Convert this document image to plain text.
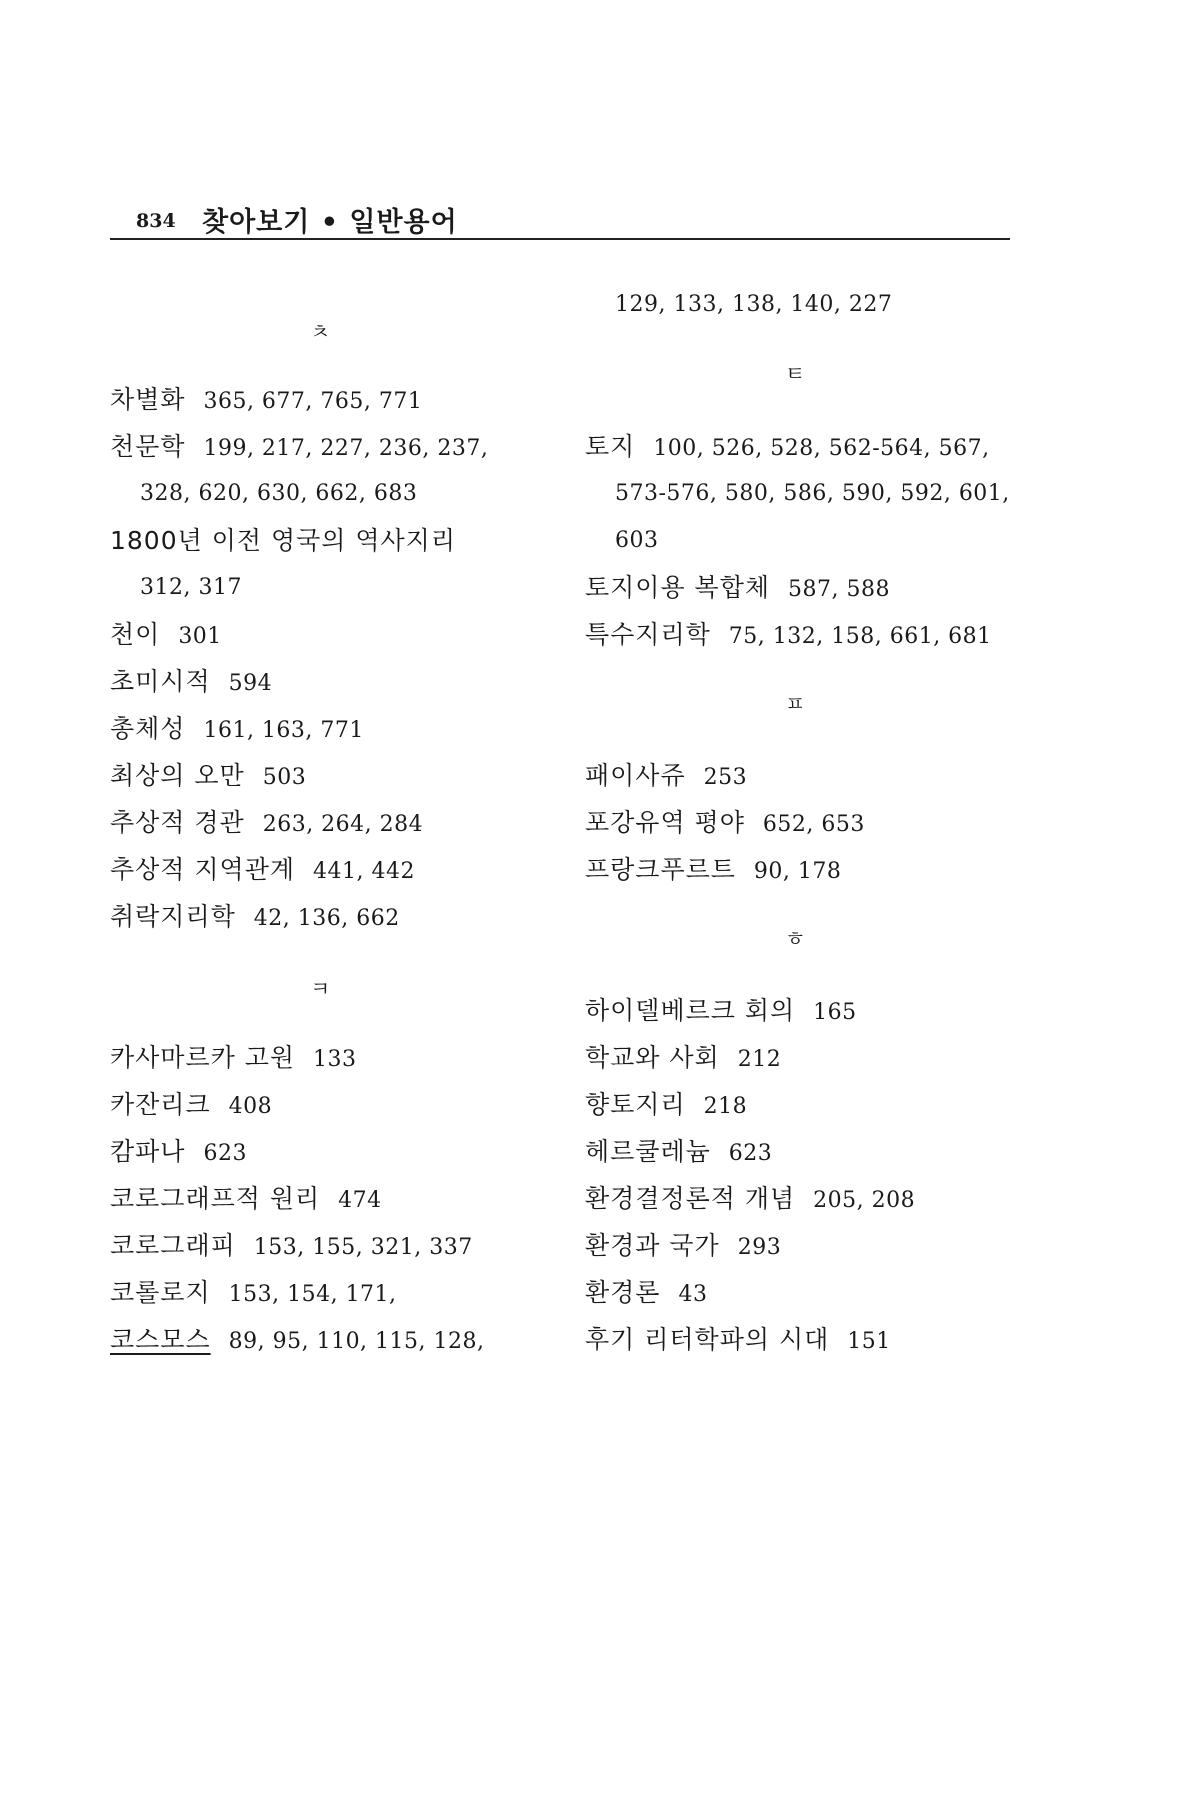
834 찾아보기 • 일반용어
ㅊ
차별화 365, 677, 765, 771
천문학 199, 217, 227, 236, 237,
328, 620, 630, 662, 683
1800년 이전 영국의 역사지리
312, 317
천이 301
초미시적 594
총체성 161, 163, 771
최상의 오만 503
추상적 경관 263, 264, 284
추상적 지역관계 441, 442
취락지리학 42, 136, 662
ㅋ
카사마르카 고원 133
카잔리크 408
캄파나 623
코로그래프적 원리 474
코로그래피 153, 155, 321, 337
코롤로지 153, 154, 171,
코스모스 89, 95, 110, 115, 128,
129, 133, 138, 140, 227
ㅌ
토지 100, 526, 528, 562-564, 567,
573-576, 580, 586, 590, 592, 601,
603
토지이용 복합체 587, 588
특수지리학 75, 132, 158, 661, 681
ㅍ
패이사쥬 253
포강유역 평야 652, 653
프랑크푸르트 90, 178
ㅎ
하이델베르크 회의 165
학교와 사회 212
향토지리 218
헤르쿨레늄 623
환경결정론적 개념 205, 208
환경과 국가 293
환경론 43
후기 리터학파의 시대 151
